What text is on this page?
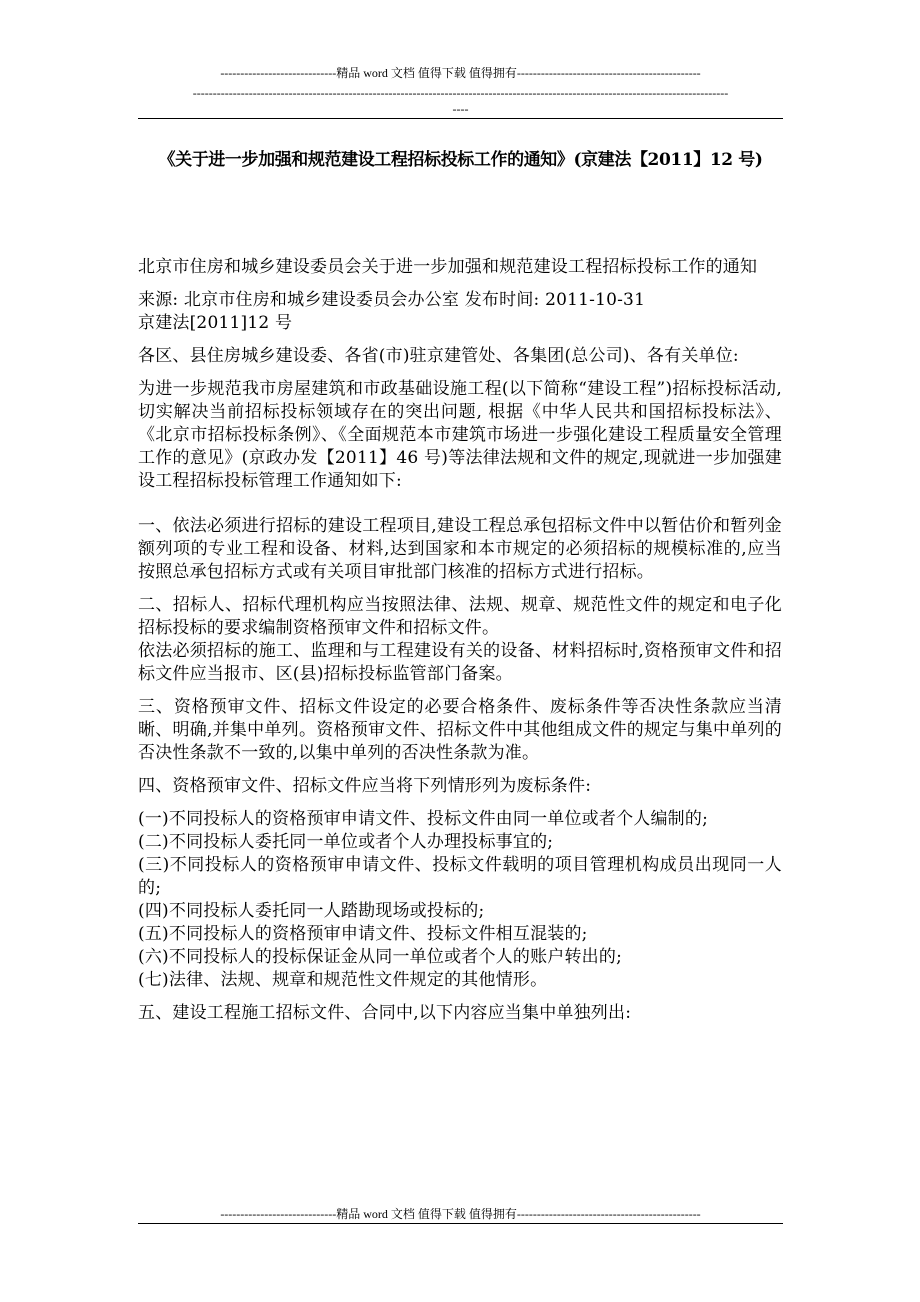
-----------------------------精品 word 文档 值得下载 值得拥有----------------------------------------------
--------------------------------------------------------------------------------------------------------------------------------------
----
《关于进一步加强和规范建设工程招标投标工作的通知》(京建法【2011】12 号)

北京市住房和城乡建设委员会关于进一步加强和规范建设工程招标投标工作的通知

来源: 北京市住房和城乡建设委员会办公室 发布时间: 2011-10-31

京建法[2011]12 号

各区、县住房城乡建设委、各省(市)驻京建管处、各集团(总公司)、各有关单位:

为进一步规范我市房屋建筑和市政基础设施工程(以下简称“建设工程”)招标投标活动,切实解决当前招标投标领域存在的突出问题, 根据《中华人民共和国招标投标法》、《北京市招标投标条例》、《全面规范本市建筑市场进一步强化建设工程质量安全管理工作的意见》(京政办发【2011】46 号)等法律法规和文件的规定,现就进一步加强建设工程招标投标管理工作通知如下:

一、依法必须进行招标的建设工程项目,建设工程总承包招标文件中以暂估价和暂列金额列项的专业工程和设备、材料,达到国家和本市规定的必须招标的规模标准的,应当按照总承包招标方式或有关项目审批部门核准的招标方式进行招标。

二、招标人、招标代理机构应当按照法律、法规、规章、规范性文件的规定和电子化招标投标的要求编制资格预审文件和招标文件。

依法必须招标的施工、监理和与工程建设有关的设备、材料招标时,资格预审文件和招标文件应当报市、区(县)招标投标监管部门备案。

三、资格预审文件、招标文件设定的必要合格条件、废标条件等否决性条款应当清晰、明确,并集中单列。资格预审文件、招标文件中其他组成文件的规定与集中单列的否决性条款不一致的,以集中单列的否决性条款为准。

四、资格预审文件、招标文件应当将下列情形列为废标条件:

(一)不同投标人的资格预审申请文件、投标文件由同一单位或者个人编制的;

(二)不同投标人委托同一单位或者个人办理投标事宜的;

(三)不同投标人的资格预审申请文件、投标文件载明的项目管理机构成员出现同一人的;

(四)不同投标人委托同一人踏勘现场或投标的;

(五)不同投标人的资格预审申请文件、投标文件相互混装的;

(六)不同投标人的投标保证金从同一单位或者个人的账户转出的;

(七)法律、法规、规章和规范性文件规定的其他情形。

五、建设工程施工招标文件、合同中,以下内容应当集中单独列出:

-----------------------------精品 word 文档 值得下载 值得拥有----------------------------------------------
